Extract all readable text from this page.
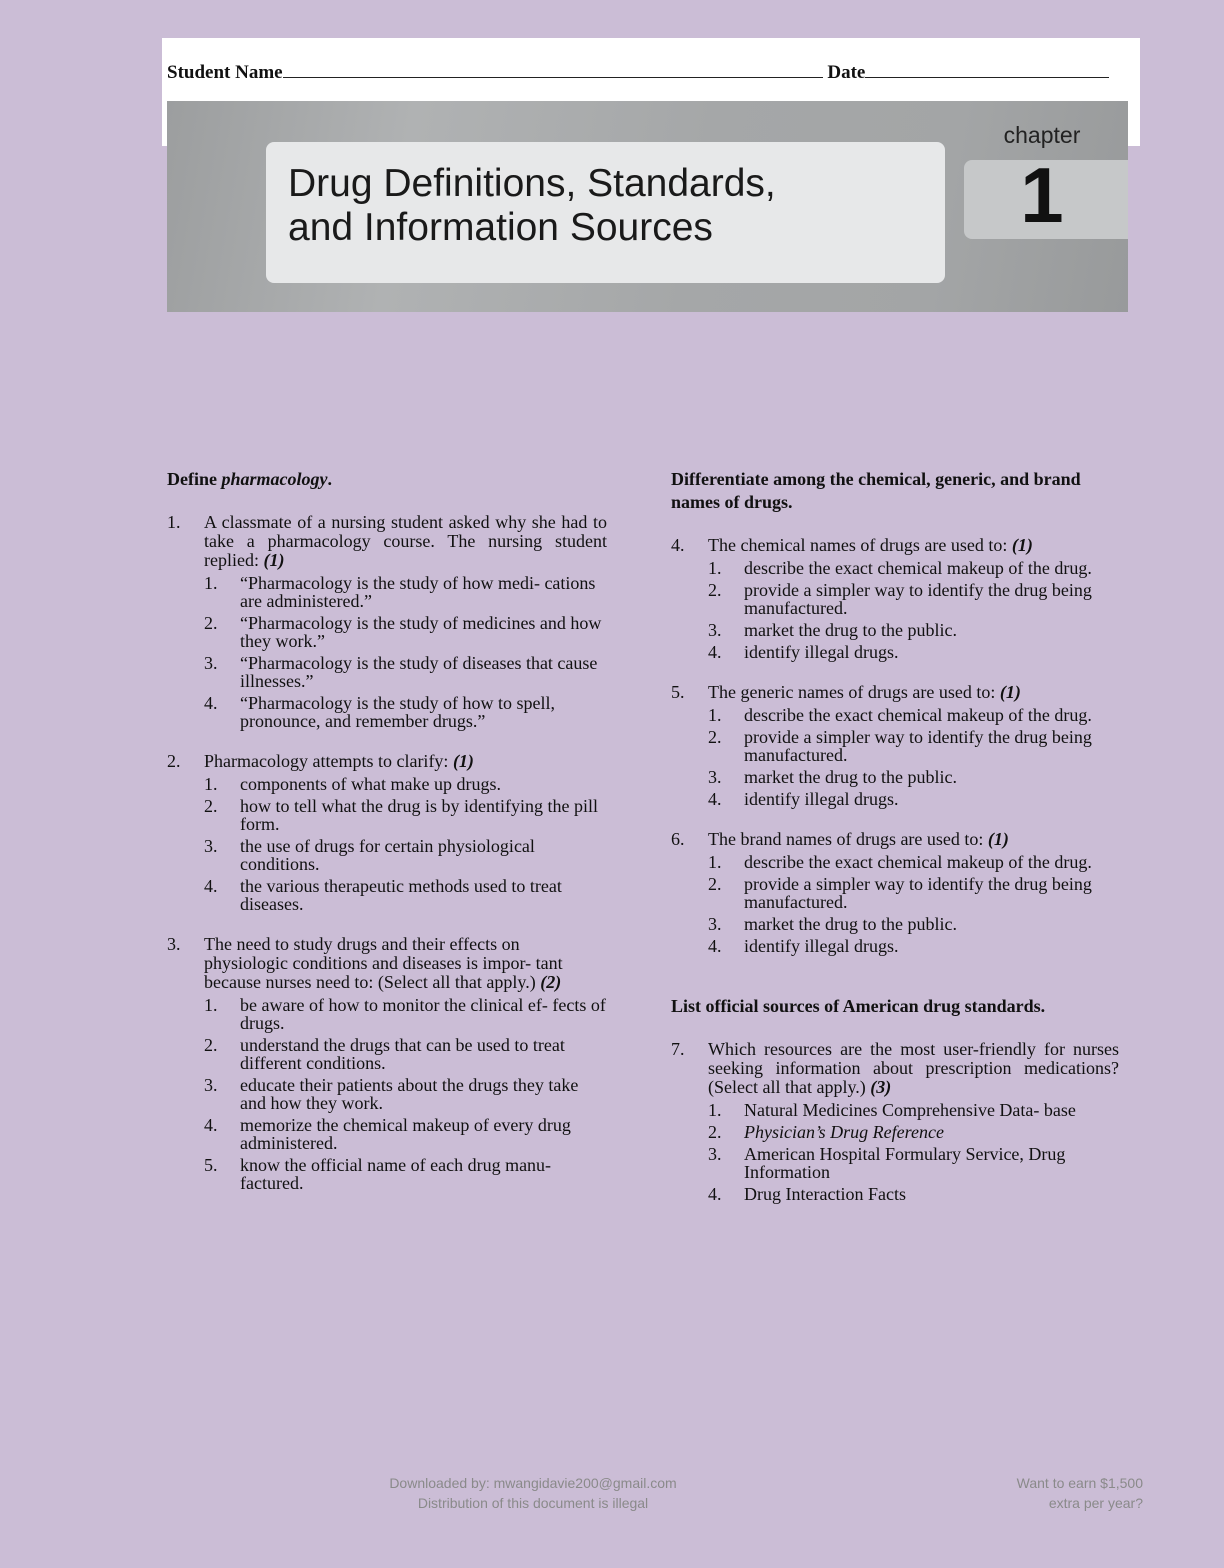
Student Name	Date
Drug Definitions, Standards,
and Information Sources
chapter
1

Define pharmacology.

1. A classmate of a nursing student asked why she had to take a pharmacology course. The nursing student replied: (1)
1. “Pharmacology is the study of how medi- cations are administered.”
2. “Pharmacology is the study of medicines and how they work.”
3. “Pharmacology is the study of diseases that cause illnesses.”
4. “Pharmacology is the study of how to spell, pronounce, and remember drugs.”
2. Pharmacology attempts to clarify: (1)
1. components of what make up drugs.
2. how to tell what the drug is by identifying the pill form.
3. the use of drugs for certain physiological conditions.
4. the various therapeutic methods used to treat diseases.
3. The need to study drugs and their effects on physiologic conditions and diseases is impor- tant because nurses need to: (Select all that apply.) (2)
1. be aware of how to monitor the clinical ef- fects of drugs.
2. understand the drugs that can be used to treat different conditions.
3. educate their patients about the drugs they take and how they work.
4. memorize the chemical makeup of every drug administered.
5. know the official name of each drug manu- factured.

Differentiate among the chemical, generic, and brand names of drugs.

4. The chemical names of drugs are used to: (1)
1. describe the exact chemical makeup of the drug.
2. provide a simpler way to identify the drug being manufactured.
3. market the drug to the public.
4. identify illegal drugs.
5. The generic names of drugs are used to: (1)
1. describe the exact chemical makeup of the drug.
2. provide a simpler way to identify the drug being manufactured.
3. market the drug to the public.
4. identify illegal drugs.
6. The brand names of drugs are used to: (1)
1. describe the exact chemical makeup of the drug.
2. provide a simpler way to identify the drug being manufactured.
3. market the drug to the public.
4. identify illegal drugs.

List official sources of American drug standards.

7. Which resources are the most user-friendly for nurses seeking information about prescription medications? (Select all that apply.) (3)
1. Natural Medicines Comprehensive Data- base
2. Physician’s Drug Reference
3. American Hospital Formulary Service, Drug Information
4. Drug Interaction Facts
Downloaded by: mwangidavie200@gmail.com
Distribution of this document is illegal
Want to earn $1,500
extra per year?
